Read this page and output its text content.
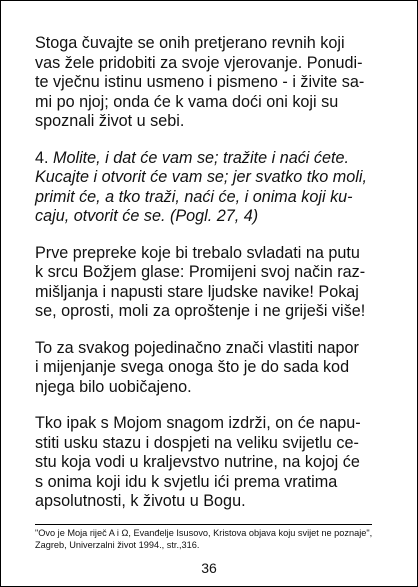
Stoga čuvajte se onih pretjerano revnih koji
vas žele pridobiti za svoje vjerovanje. Ponudi-
te vječnu istinu usmeno i pismeno - i živite sa-
mi po njoj; onda će k vama doći oni koji su
spoznali život u sebi.

4. Molite, i dat će vam se; tražite i naći ćete.
Kucajte i otvorit će vam se; jer svatko tko moli,
primit će, a tko traži, naći će, i onima koji ku-
caju, otvorit će se. (Pogl. 27, 4)

Prve prepreke koje bi trebalo svladati na putu
k srcu Božjem glase: Promijeni svoj način raz-
mišljanja i napusti stare ljudske navike! Pokaj
se, oprosti, moli za oproštenje i ne griješi više!

To za svakog pojedinačno znači vlastiti napor
i mijenjanje svega onoga što je do sada kod
njega bilo uobičajeno.

Tko ipak s Mojom snagom izdrži, on će napu-
stiti usku stazu i dospjeti na veliku svijetlu ce-
stu koja vodi u kraljevstvo nutrine, na kojoj će
s onima koji idu k svjetlu ići prema vratima
apsolutnosti, k životu u Bogu.

"Ovo je Moja riječ A i Ω, Evanđelje Isusovo, Kristova objava koju svijet ne poznaje",
Zagreb, Univerzalni život 1994., str.,316.
36
